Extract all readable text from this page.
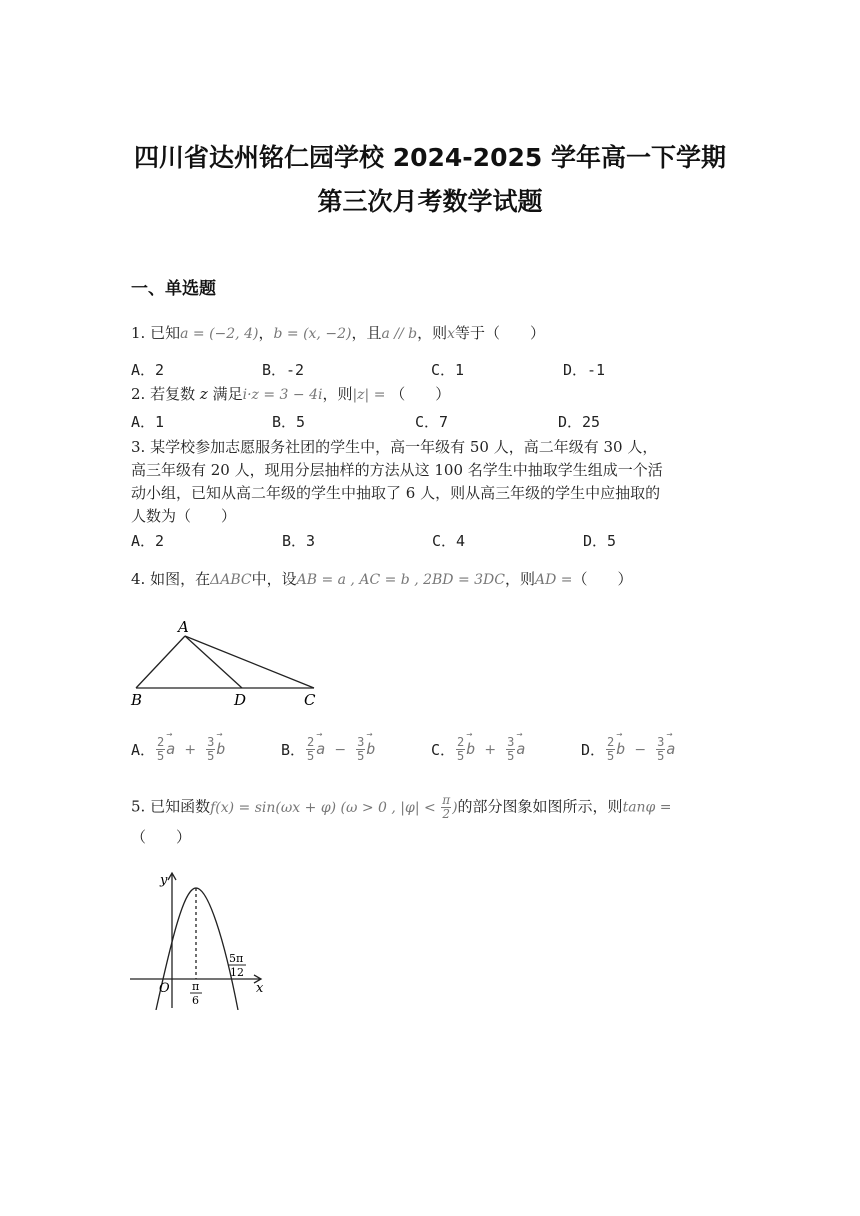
四川省达州铭仁园学校 2024-2025 学年高一下学期
第三次月考数学试题
一、单选题
1. 已知a = (−2, 4)，b = (x, −2)，且a // b，则x等于（　　）
A．2	B．-2	C．1	D．-1
2. 若复数 z 满足i·z = 3 − 4i，则|z| = （　　）
A．1	B．5	C．7	D．25
3. 某学校参加志愿服务社团的学生中，高一年级有 50 人，高二年级有 30 人，
高三年级有 20 人，现用分层抽样的方法从这 100 名学生中抽取学生组成一个活
动小组，已知从高二年级的学生中抽取了 6 人，则从高三年级的学生中应抽取的
人数为（　　）
A．2	B．3	C．4	D．5
4. 如图，在ΔABC中，设AB = a , AC = b , 2BD = 3DC，则AD =（　　）
A
B	D	C
A． $\frac{2}{5}$
→ $a + \frac{3}{5}$
→ b	B． $\frac{2}{5}$
→ $a - \frac{3}{5}$
→ b	C． $\frac{2}{5}$
→ $b + \frac{3}{5}$
→ a	D． $\frac{2}{5}$
→ $b - \frac{3}{5}$
→ a
5. 已知函数f(x) = sin(ωx + φ) (ω > 0 , $|\varphi| < \frac{\pi}{2}$ )的部分图象如图所示，则tanφ =
（　　）
y
x
O π
6
5π
12
